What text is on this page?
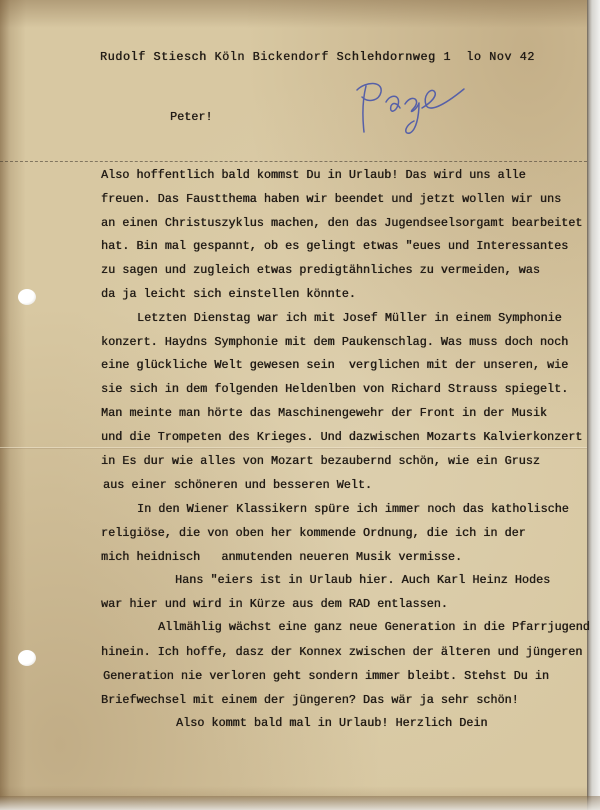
Rudolf Stiesch Köln Bickendorf Schlehdornweg 1  lo Nov 42
Peter!
Also hoffentlich bald kommst Du in Urlaub! Das wird uns alle
freuen. Das Faustthema haben wir beendet und jetzt wollen wir uns
an einen Christuszyklus machen, den das Jugendseelsorgamt bearbeitet
hat. Bin mal gespannt, ob es gelingt etwas "eues und Interessantes
zu sagen und zugleich etwas predigtähnliches zu vermeiden, was
da ja leicht sich einstellen könnte.
Letzten Dienstag war ich mit Josef Müller in einem Symphonie
konzert. Haydns Symphonie mit dem Paukenschlag. Was muss doch noch
eine glückliche Welt gewesen sein  verglichen mit der unseren, wie
sie sich in dem folgenden Heldenlben von Richard Strauss spiegelt.
Man meinte man hörte das Maschinengewehr der Front in der Musik
und die Trompeten des Krieges. Und dazwischen Mozarts Kalvierkonzert
in Es dur wie alles von Mozart bezaubernd schön, wie ein Grusz
aus einer schöneren und besseren Welt.
In den Wiener Klassikern spüre ich immer noch das katholische
religiöse, die von oben her kommende Ordnung, die ich in der
mich heidnisch   anmutenden neueren Musik vermisse.
Hans "eiers ist in Urlaub hier. Auch Karl Heinz Hodes
war hier und wird in Kürze aus dem RAD entlassen.
Allmählig wächst eine ganz neue Generation in die Pfarrjugend
hinein. Ich hoffe, dasz der Konnex zwischen der älteren und jüngeren
Generation nie verloren geht sondern immer bleibt. Stehst Du in
Briefwechsel mit einem der jüngeren? Das wär ja sehr schön!
Also kommt bald mal in Urlaub! Herzlich Dein
